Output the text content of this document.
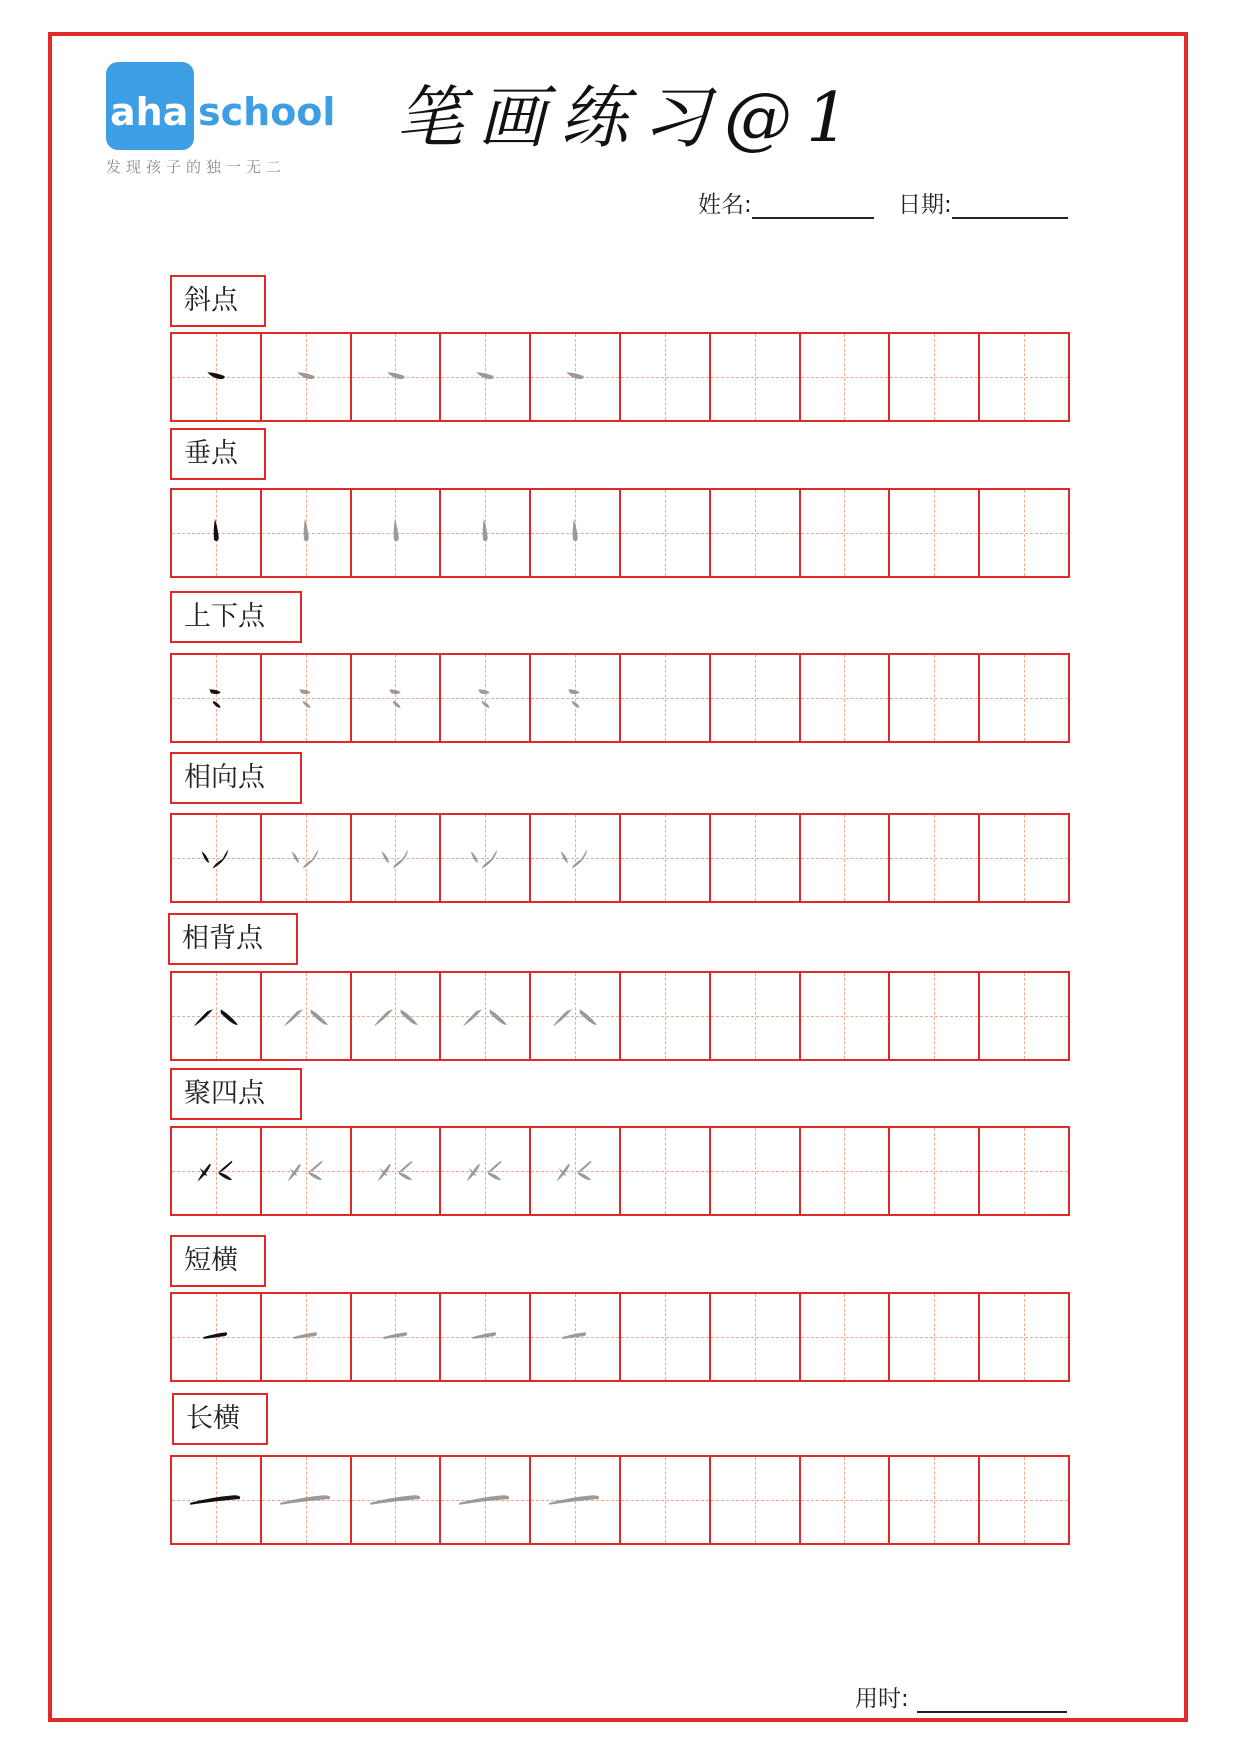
aha school
发现孩子的独一无二
笔画练习@1
姓名:	日期:
斜点
垂点
上下点
相向点
相背点
聚四点
短横
长横
用时:
